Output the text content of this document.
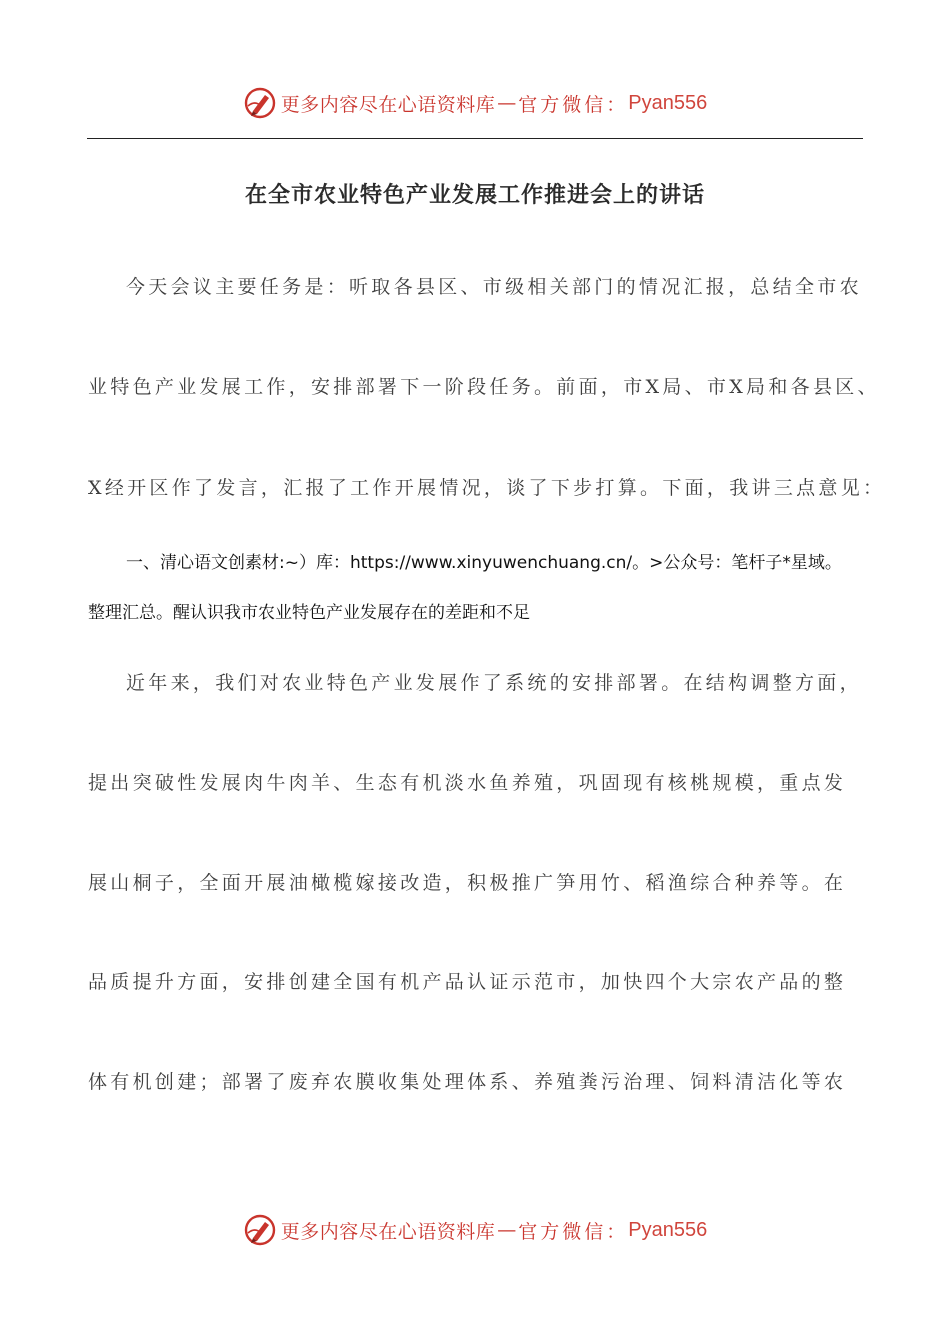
更多内容尽在心语资料库 — 官方微信： Pyan556
在全市农业特色产业发展工作推进会上的讲话
今天会议主要任务是：听取各县区、市级相关部门的情况汇报，总结全市农
业特色产业发展工作，安排部署下一阶段任务。前面，市X局、市X局和各县区、
X经开区作了发言，汇报了工作开展情况，谈了下步打算。下面，我讲三点意见：
一、清心语文创素材:~）库：https://www.xinyuwenchuang.cn/。>公众号：笔杆子*星域。
整理汇总。醒认识我市农业特色产业发展存在的差距和不足
近年来，我们对农业特色产业发展作了系统的安排部署。在结构调整方面，
提出突破性发展肉牛肉羊、生态有机淡水鱼养殖，巩固现有核桃规模，重点发
展山桐子，全面开展油橄榄嫁接改造，积极推广笋用竹、稻渔综合种养等。在
品质提升方面，安排创建全国有机产品认证示范市，加快四个大宗农产品的整
体有机创建；部署了废弃农膜收集处理体系、养殖粪污治理、饲料清洁化等农
更多内容尽在心语资料库 — 官方微信： Pyan556
